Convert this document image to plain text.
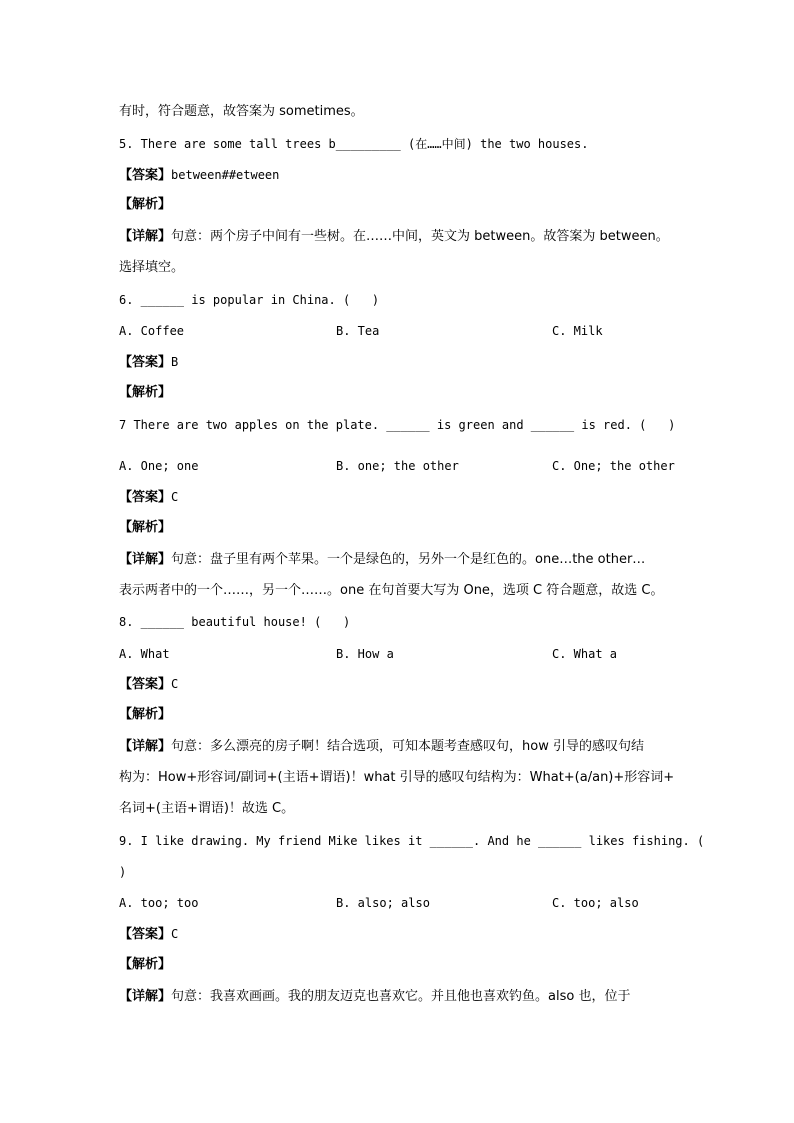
有时，符合题意，故答案为 sometimes。
5. There are some tall trees b_________ (在……中间) the two houses.
【答案】between##etween
【解析】
【详解】句意：两个房子中间有一些树。在……中间，英文为 between。故答案为 between。
选择填空。
6. ______ is popular in China. (   )
A. Coffee	B. Tea	C. Milk
【答案】B
【解析】
7 There are two apples on the plate. ______ is green and ______ is red. (   )
A. One; one	B. one; the other	C. One; the other
【答案】C
【解析】
【详解】句意：盘子里有两个苹果。一个是绿色的，另外一个是红色的。one…the other…
表示两者中的一个……，另一个……。one 在句首要大写为 One，选项 C 符合题意，故选 C。
8. ______ beautiful house! (   )
A. What	B. How a	C. What a
【答案】C
【解析】
【详解】句意：多么漂亮的房子啊！结合选项，可知本题考查感叹句，how 引导的感叹句结
构为：How+形容词/副词+(主语+谓语)！what 引导的感叹句结构为：What+(a/an)+形容词+
名词+(主语+谓语)！故选 C。
9. I like drawing. My friend Mike likes it ______. And he ______ likes fishing. (
)
A. too; too	B. also; also	C. too; also
【答案】C
【解析】
【详解】句意：我喜欢画画。我的朋友迈克也喜欢它。并且他也喜欢钓鱼。also 也，位于
